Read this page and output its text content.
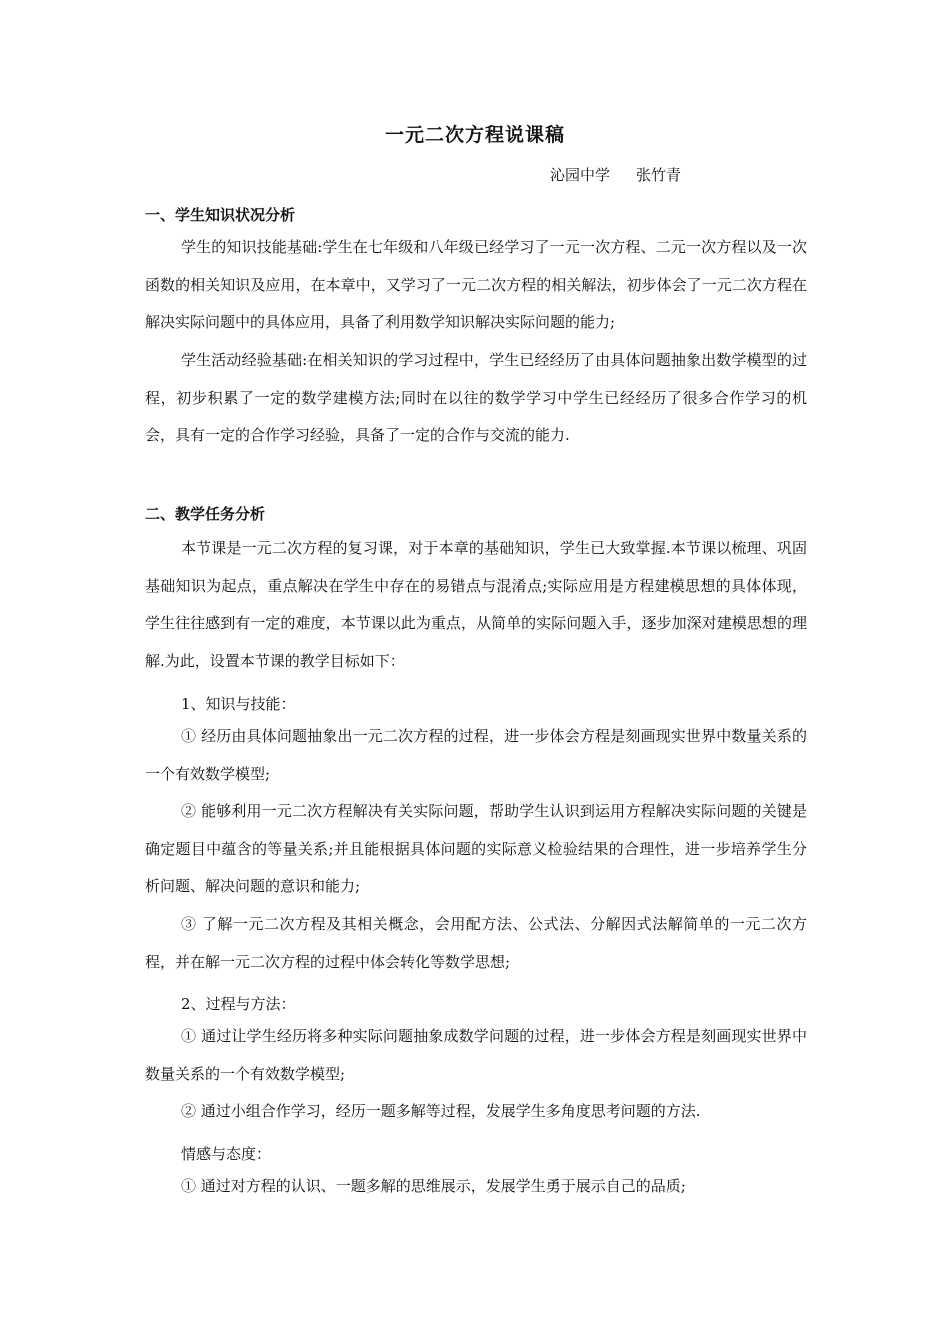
一元二次方程说课稿
沁园中学 张竹青
一、学生知识状况分析
学生的知识技能基础:学生在七年级和八年级已经学习了一元一次方程、二元一次方程以及一次函数的相关知识及应用，在本章中，又学习了一元二次方程的相关解法，初步体会了一元二次方程在解决实际问题中的具体应用，具备了利用数学知识解决实际问题的能力;
学生活动经验基础:在相关知识的学习过程中，学生已经经历了由具体问题抽象出数学模型的过程，初步积累了一定的数学建模方法;同时在以往的数学学习中学生已经经历了很多合作学习的机会，具有一定的合作学习经验，具备了一定的合作与交流的能力.
二、教学任务分析
本节课是一元二次方程的复习课，对于本章的基础知识，学生已大致掌握.本节课以梳理、巩固基础知识为起点，重点解决在学生中存在的易错点与混淆点;实际应用是方程建模思想的具体体现，学生往往感到有一定的难度，本节课以此为重点，从简单的实际问题入手，逐步加深对建模思想的理解.为此，设置本节课的教学目标如下：
1、知识与技能：
① 经历由具体问题抽象出一元二次方程的过程，进一步体会方程是刻画现实世界中数量关系的一个有效数学模型;
② 能够利用一元二次方程解决有关实际问题，帮助学生认识到运用方程解决实际问题的关键是确定题目中蕴含的等量关系;并且能根据具体问题的实际意义检验结果的合理性，进一步培养学生分析问题、解决问题的意识和能力;
③ 了解一元二次方程及其相关概念，会用配方法、公式法、分解因式法解简单的一元二次方程，并在解一元二次方程的过程中体会转化等数学思想;
2、过程与方法：
① 通过让学生经历将多种实际问题抽象成数学问题的过程，进一步体会方程是刻画现实世界中数量关系的一个有效数学模型;
② 通过小组合作学习，经历一题多解等过程，发展学生多角度思考问题的方法.
情感与态度：
① 通过对方程的认识、一题多解的思维展示，发展学生勇于展示自己的品质;
